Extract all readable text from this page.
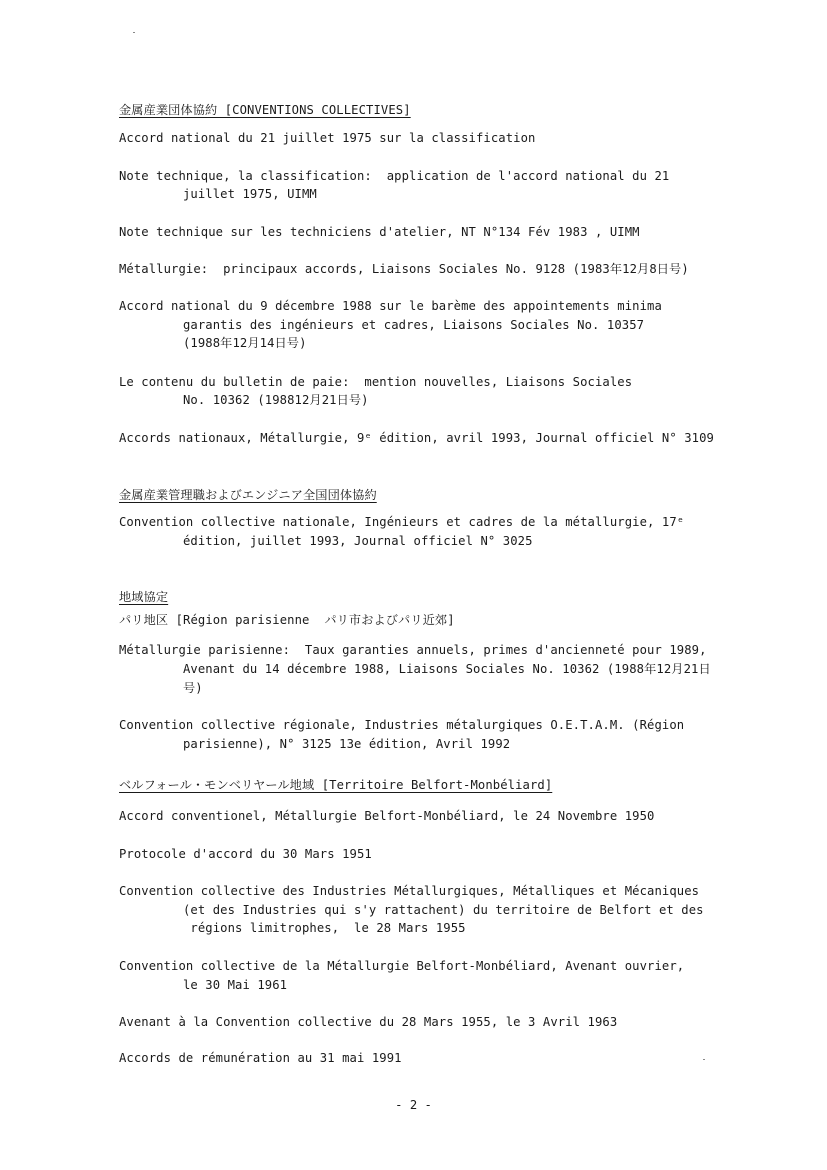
金属産業団体協約 [CONVENTIONS COLLECTIVES]
Accord national du 21 juillet 1975 sur la classification
Note technique, la classification:  application de l'accord national du 21
juillet 1975, UIMM
Note technique sur les techniciens d'atelier, NT N°134 Fév 1983 , UIMM
Métallurgie:  principaux accords, Liaisons Sociales No. 9128 (1983年12月8日号)
Accord national du 9 décembre 1988 sur le barème des appointements minima
garantis des ingénieurs et cadres, Liaisons Sociales No. 10357
(1988年12月14日号)
Le contenu du bulletin de paie:  mention nouvelles, Liaisons Sociales
No. 10362 (198812月21日号)
Accords nationaux, Métallurgie, 9ᵉ édition, avril 1993, Journal officiel N° 3109
金属産業管理職およびエンジニア全国団体協約
Convention collective nationale, Ingénieurs et cadres de la métallurgie, 17ᵉ
édition, juillet 1993, Journal officiel N° 3025
地域協定
パリ地区 [Région parisienne  パリ市およびパリ近郊]
Métallurgie parisienne:  Taux garanties annuels, primes d'ancienneté pour 1989,
Avenant du 14 décembre 1988, Liaisons Sociales No. 10362 (1988年12月21日
号)
Convention collective régionale, Industries métalurgiques O.E.T.A.M. (Région
parisienne), N° 3125 13e édition, Avril 1992
ベルフォール・モンベリヤール地域 [Territoire Belfort-Monbéliard]
Accord conventionel, Métallurgie Belfort-Monbéliard, le 24 Novembre 1950
Protocole d'accord du 30 Mars 1951
Convention collective des Industries Métallurgiques, Métalliques et Mécaniques
(et des Industries qui s'y rattachent) du territoire de Belfort et des
régions limitrophes,  le 28 Mars 1955
Convention collective de la Métallurgie Belfort-Monbéliard, Avenant ouvrier,
le 30 Mai 1961
Avenant à la Convention collective du 28 Mars 1955, le 3 Avril 1963
Accords de rémunération au 31 mai 1991
- 2 -
